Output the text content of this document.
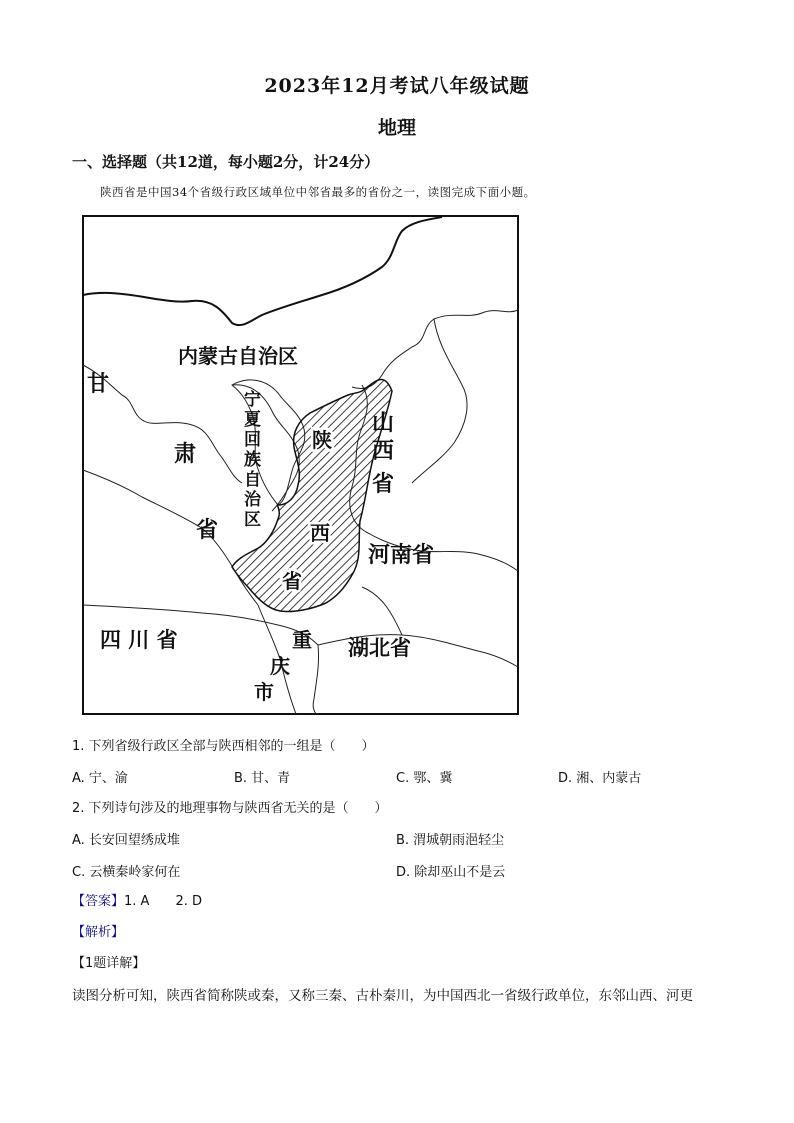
2023年12月考试八年级试题
地理
一、选择题（共12道，每小题2分，计24分）
陕西省是中国34个省级行政区域单位中邻省最多的省份之一，读图完成下面小题。
内蒙古自治区
甘
肃
省
宁
夏
回
族
自
治
区
陕
西
省
山
西
省
河南省
四 川 省	重
庆
市
湖北省
1. 下列省级行政区全部与陕西相邻的一组是（　　）
A. 宁、渝	B. 甘、青	C. 鄂、冀	D. 湘、内蒙古
2. 下列诗句涉及的地理事物与陕西省无关的是（　　）
A. 长安回望绣成堆	B. 渭城朝雨浥轻尘
C. 云横秦岭家何在	D. 除却巫山不是云
【答案】1. A　　2. D
【解析】
【1题详解】
读图分析可知，陕西省简称陕或秦，又称三秦、古朴秦川，为中国西北一省级行政单位，东邻山西、河更
